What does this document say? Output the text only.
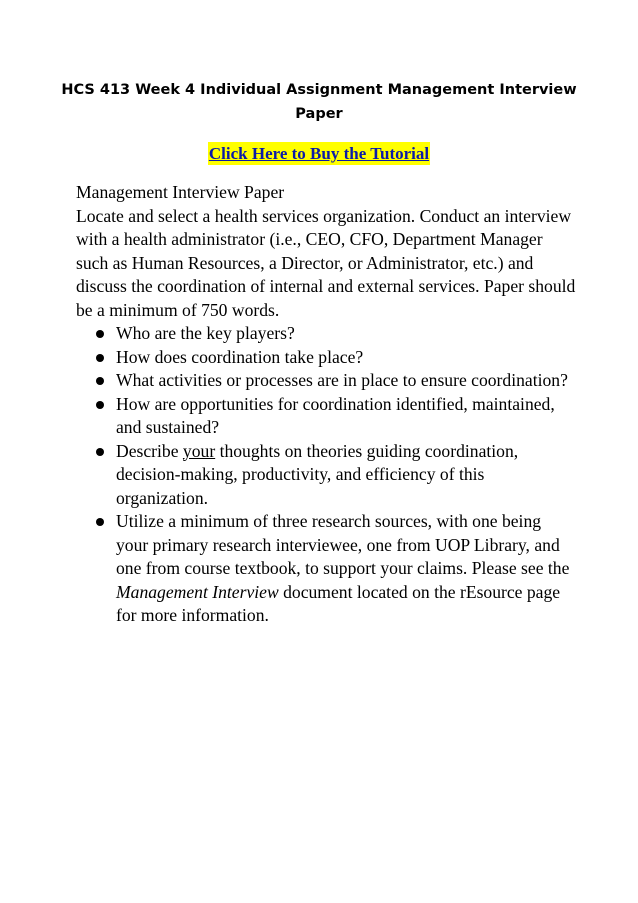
HCS 413 Week 4 Individual Assignment Management Interview Paper
Click Here to Buy the Tutorial

Management Interview Paper

Locate and select a health services organization. Conduct an interview with a health administrator (i.e., CEO, CFO, Department Manager such as Human Resources, a Director, or Administrator, etc.) and discuss the coordination of internal and external services. Paper should be a minimum of 750 words.

Who are the key players?
How does coordination take place?
What activities or processes are in place to ensure coordination?
How are opportunities for coordination identified, maintained, and sustained?
Describe your thoughts on theories guiding coordination, decision-making, productivity, and efficiency of this organization.
Utilize a minimum of three research sources, with one being your primary research interviewee, one from UOP Library, and one from course textbook, to support your claims. Please see the Management Interview document located on the rEsource page for more information.
